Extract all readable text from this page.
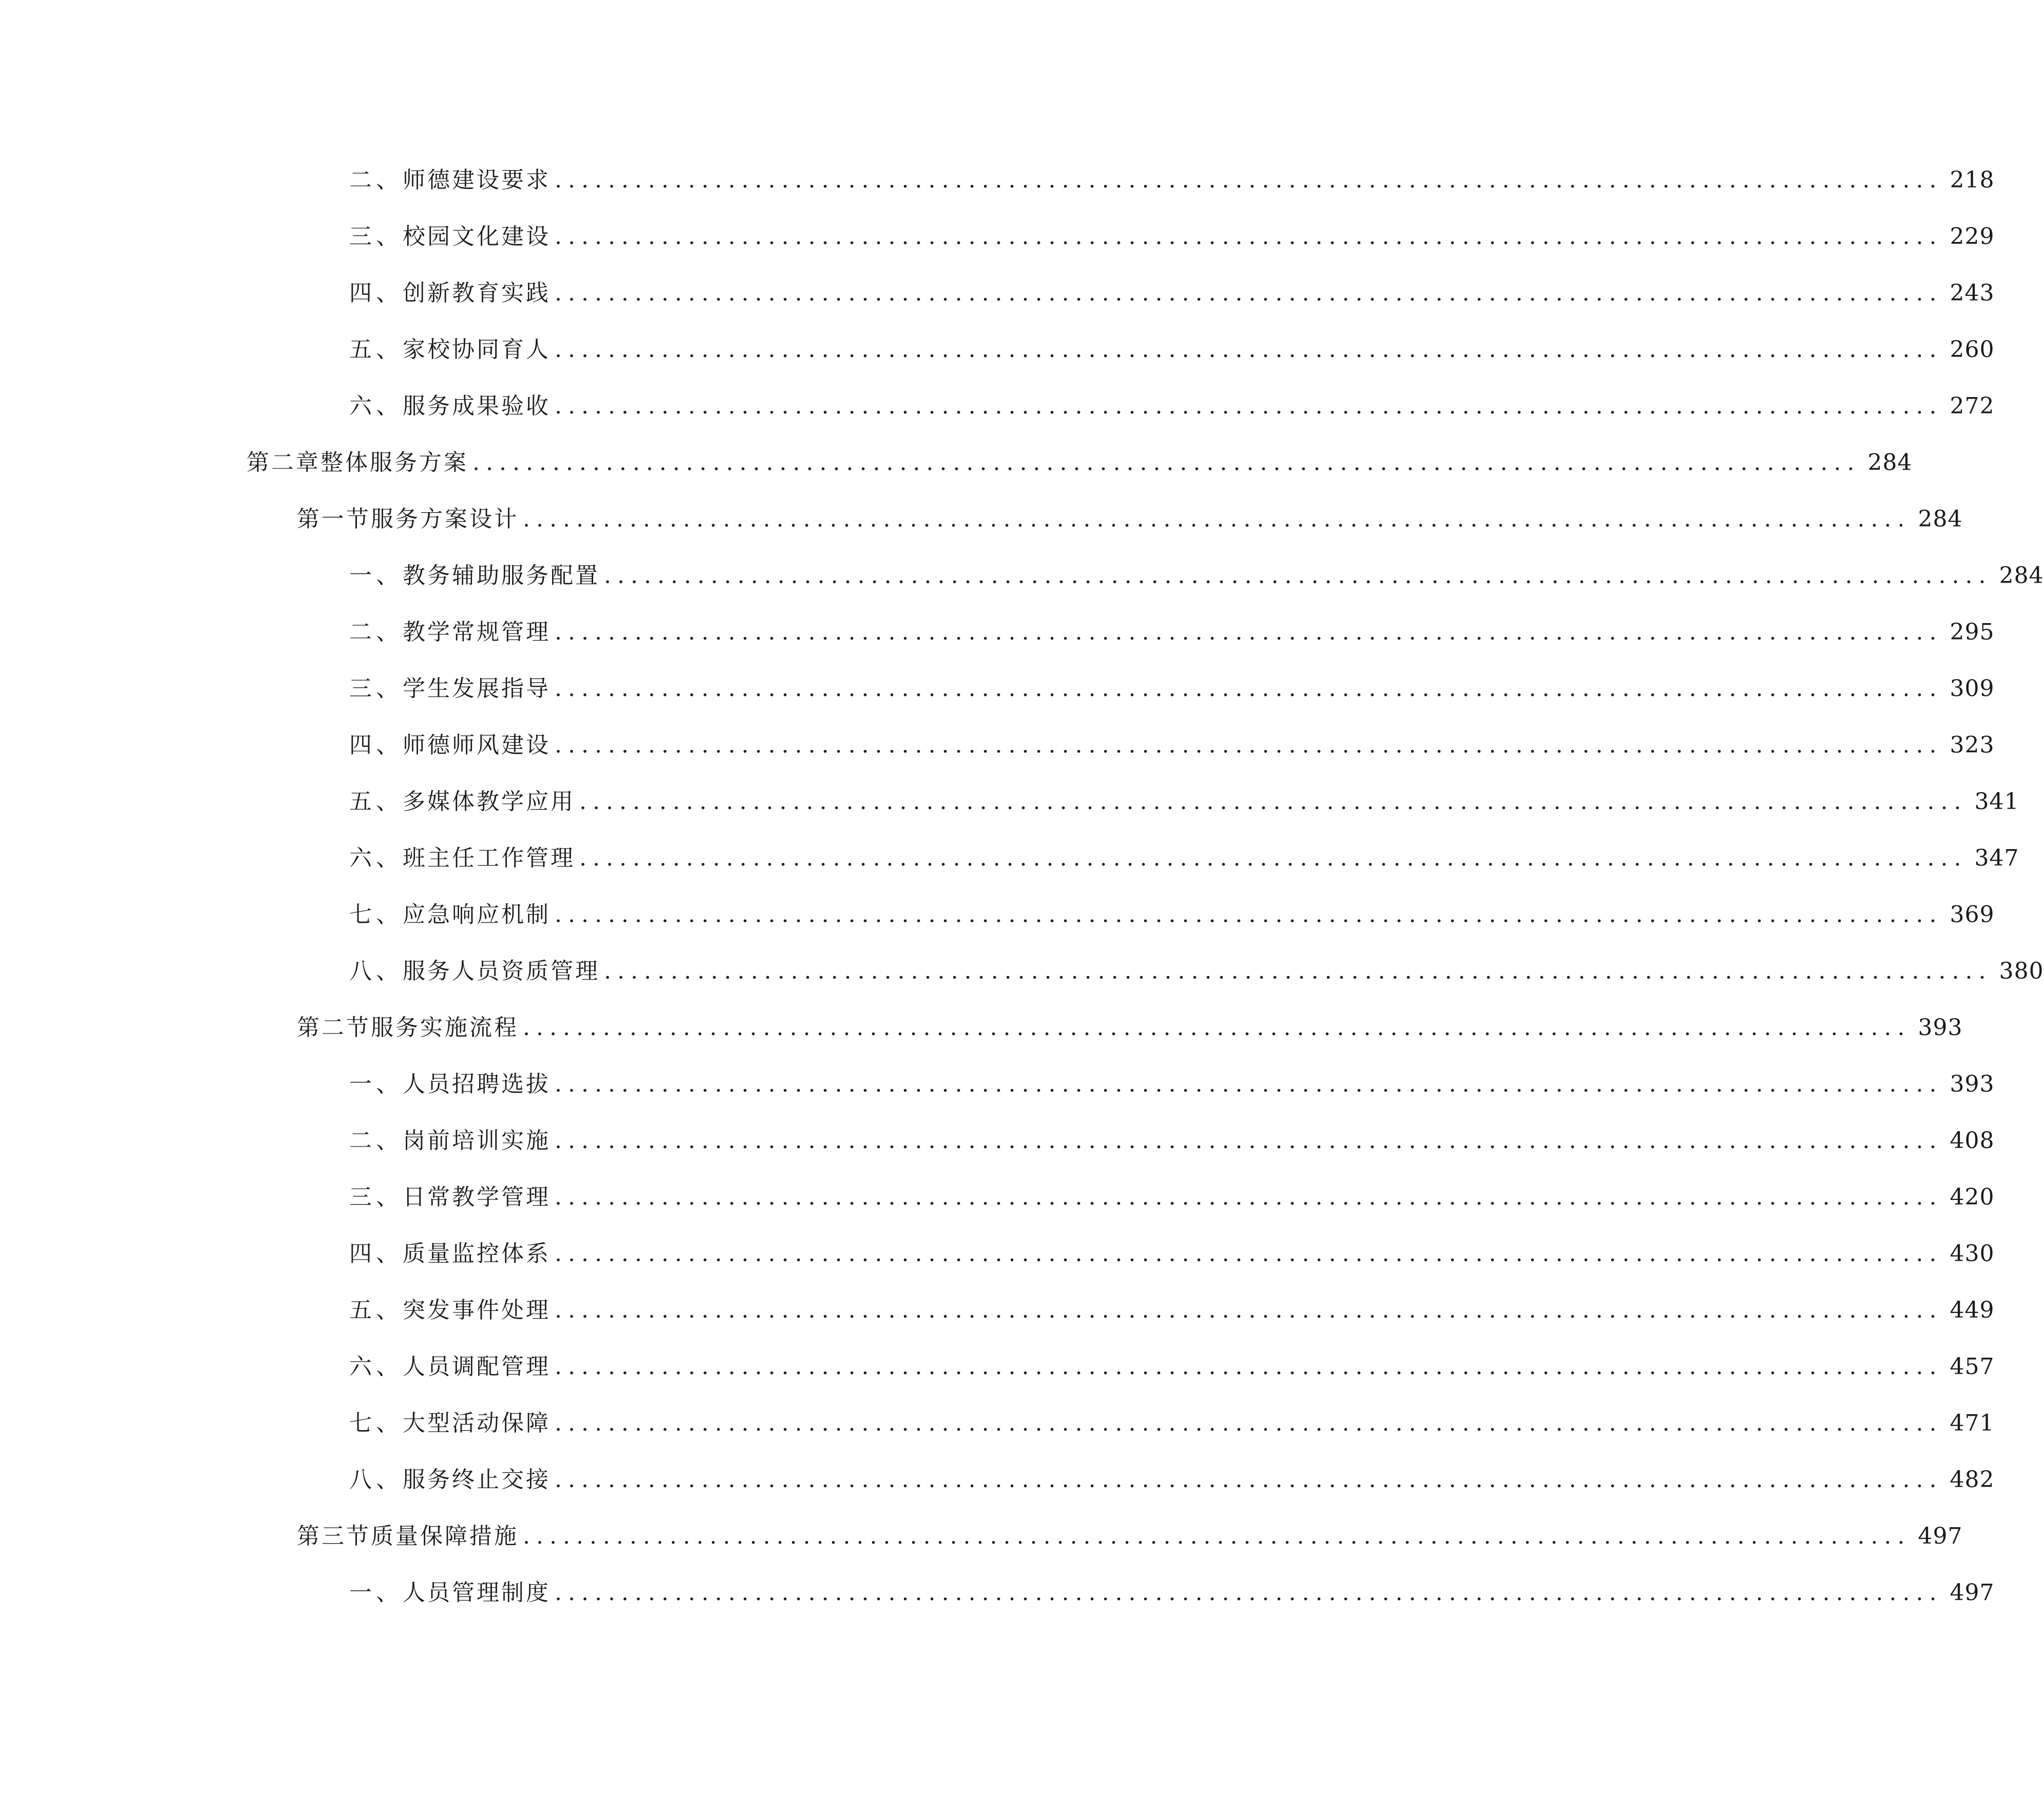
二、 师德建设要求 ........................................................................................................ 218
三、 校园文化建设 ........................................................................................................ 229
四、 创新教育实践 ........................................................................................................ 243
五、 家校协同育人 ........................................................................................................ 260
六、 服务成果验收 ........................................................................................................ 272
第二章 整体服务方案 ........................................................................................................ 284
第一节 服务方案设计 ........................................................................................................ 284
一、 教务辅助服务配置 ........................................................................................................ 284
二、 教学常规管理 ........................................................................................................ 295
三、 学生发展指导 ........................................................................................................ 309
四、 师德师风建设 ........................................................................................................ 323
五、 多媒体教学应用 ........................................................................................................ 341
六、 班主任工作管理 ........................................................................................................ 347
七、 应急响应机制 ........................................................................................................ 369
八、 服务人员资质管理 ........................................................................................................ 380
第二节 服务实施流程 ........................................................................................................ 393
一、 人员招聘选拔 ........................................................................................................ 393
二、 岗前培训实施 ........................................................................................................ 408
三、 日常教学管理 ........................................................................................................ 420
四、 质量监控体系 ........................................................................................................ 430
五、 突发事件处理 ........................................................................................................ 449
六、 人员调配管理 ........................................................................................................ 457
七、 大型活动保障 ........................................................................................................ 471
八、 服务终止交接 ........................................................................................................ 482
第三节 质量保障措施 ........................................................................................................ 497
一、 人员管理制度 ........................................................................................................ 497
